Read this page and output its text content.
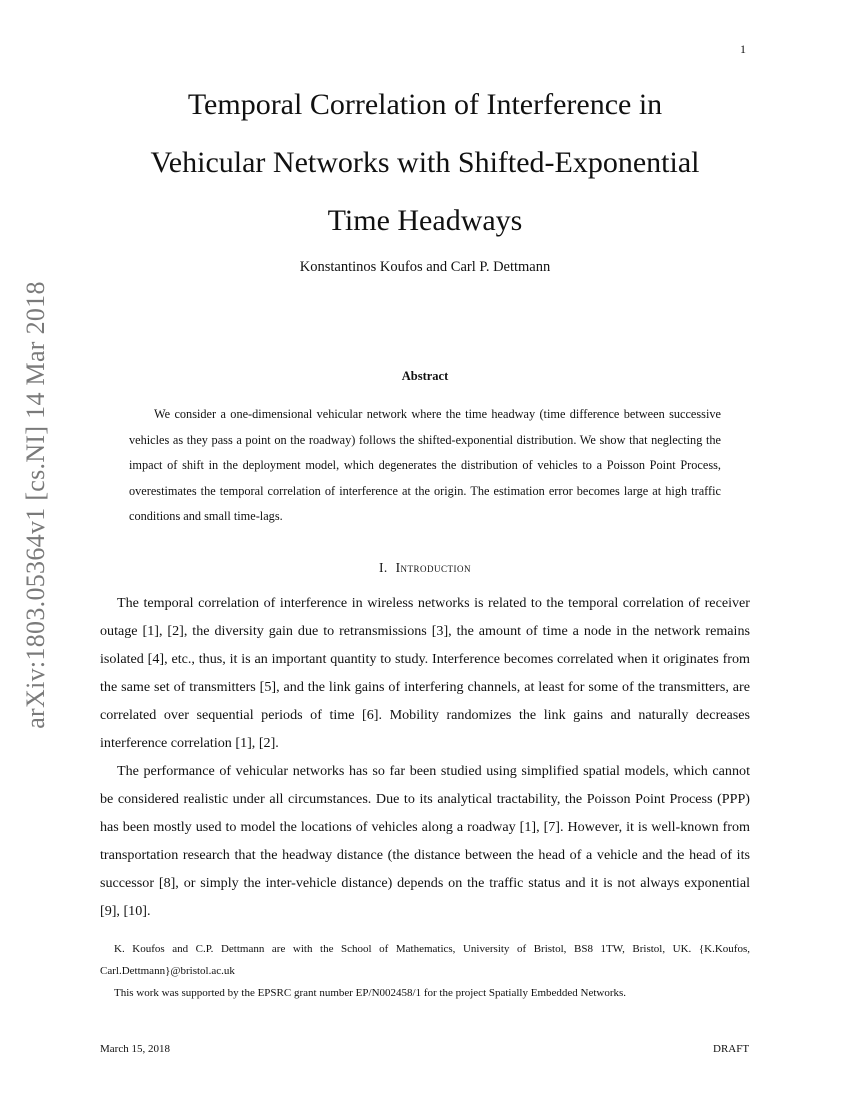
1
arXiv:1803.05364v1 [cs.NI] 14 Mar 2018
Temporal Correlation of Interference in
Vehicular Networks with Shifted-Exponential
Time Headways
Konstantinos Koufos and Carl P. Dettmann
Abstract

We consider a one-dimensional vehicular network where the time headway (time difference between successive vehicles as they pass a point on the roadway) follows the shifted-exponential distribution. We show that neglecting the impact of shift in the deployment model, which degenerates the distribution of vehicles to a Poisson Point Process, overestimates the temporal correlation of interference at the origin. The estimation error becomes large at high traffic conditions and small time-lags.

I. Introduction

The temporal correlation of interference in wireless networks is related to the temporal correlation of receiver outage [1], [2], the diversity gain due to retransmissions [3], the amount of time a node in the network remains isolated [4], etc., thus, it is an important quantity to study. Interference becomes correlated when it originates from the same set of transmitters [5], and the link gains of interfering channels, at least for some of the transmitters, are correlated over sequential periods of time [6]. Mobility randomizes the link gains and naturally decreases interference correlation [1], [2].

The performance of vehicular networks has so far been studied using simplified spatial models, which cannot be considered realistic under all circumstances. Due to its analytical tractability, the Poisson Point Process (PPP) has been mostly used to model the locations of vehicles along a roadway [1], [7]. However, it is well-known from transportation research that the headway distance (the distance between the head of a vehicle and the head of its successor [8], or simply the inter-vehicle distance) depends on the traffic status and it is not always exponential [9], [10].

K. Koufos and C.P. Dettmann are with the School of Mathematics, University of Bristol, BS8 1TW, Bristol, UK. {K.Koufos, Carl.Dettmann}@bristol.ac.uk

This work was supported by the EPSRC grant number EP/N002458/1 for the project Spatially Embedded Networks.

March 15, 2018	DRAFT
